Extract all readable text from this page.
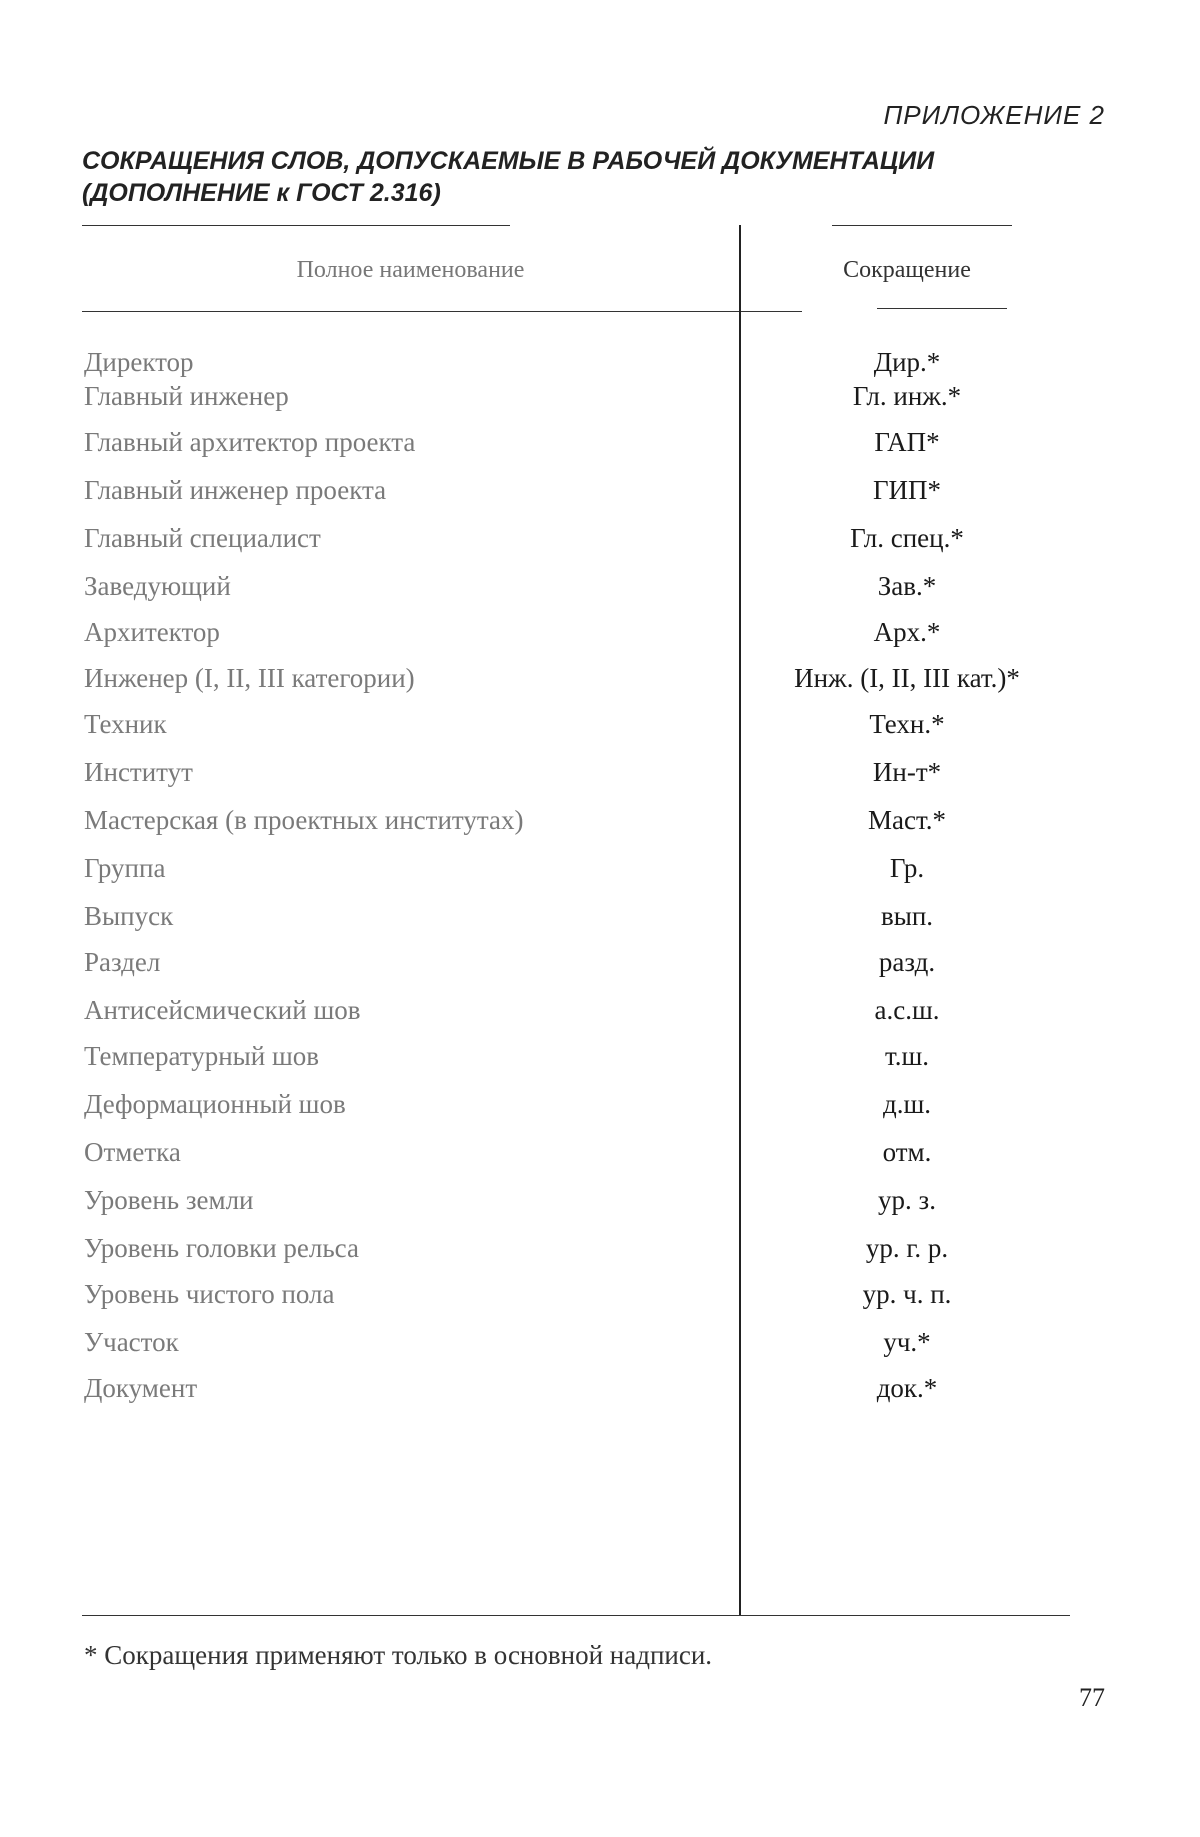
ПРИЛОЖЕНИЕ 2
СОКРАЩЕНИЯ СЛОВ, ДОПУСКАЕМЫЕ В РАБОЧЕЙ ДОКУМЕНТАЦИИ
(ДОПОЛНЕНИЕ к ГОСТ 2.316)
Полное наименование	Сокращение
Директор	Дир.*
Главный инженер	Гл. инж.*
Главный архитектор проекта	ГАП*
Главный инженер проекта	ГИП*
Главный специалист	Гл. спец.*
Заведующий	Зав.*
Архитектор	Арх.*
Инженер (I, II, III категории)	Инж. (I, II, III кат.)*
Техник	Техн.*
Институт	Ин-т*
Мастерская (в проектных институтах)	Маст.*
Группа	Гр.
Выпуск	вып.
Раздел	разд.
Антисейсмический шов	а.с.ш.
Температурный шов	т.ш.
Деформационный шов	д.ш.
Отметка	отм.
Уровень земли	ур. з.
Уровень головки рельса	ур. г. р.
Уровень чистого пола	ур. ч. п.
Участок	уч.*
Документ	док.*
* Сокращения применяют только в основной надписи.
77
